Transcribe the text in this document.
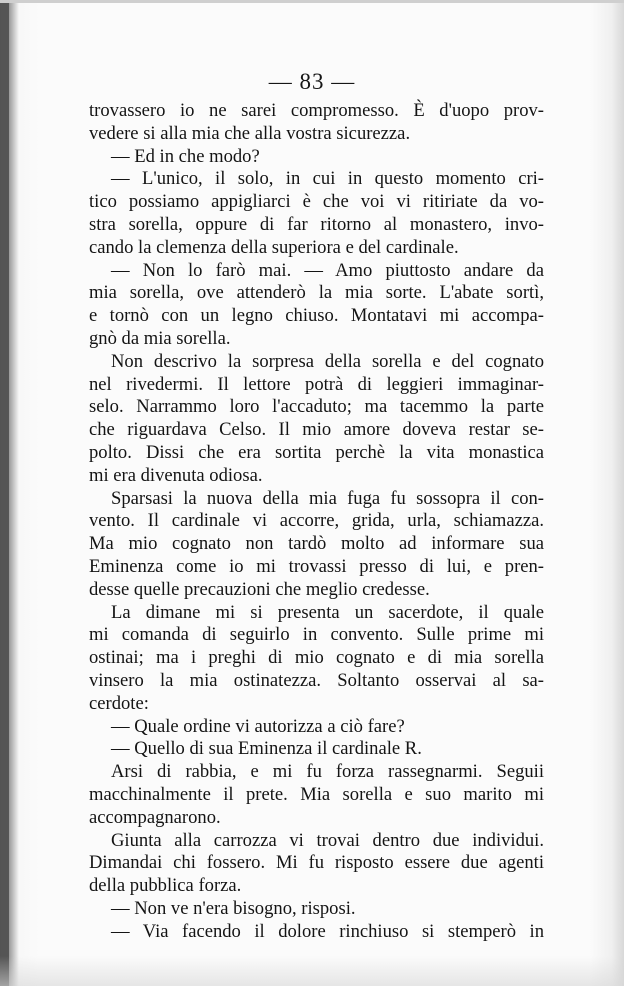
— 83 —
trovassero io ne sarei compromesso. È d'uopo prov-
vedere si alla mia che alla vostra sicurezza.
— Ed in che modo?
— L'unico, il solo, in cui in questo momento cri-
tico possiamo appigliarci è che voi vi ritiriate da vo-
stra sorella, oppure di far ritorno al monastero, invo-
cando la clemenza della superiora e del cardinale.
— Non lo farò mai. — Amo piuttosto andare da
mia sorella, ove attenderò la mia sorte. L'abate sortì,
e tornò con un legno chiuso. Montatavi mi accompa-
gnò da mia sorella.
Non descrivo la sorpresa della sorella e del cognato
nel rivedermi. Il lettore potrà di leggieri immaginar-
selo. Narrammo loro l'accaduto; ma tacemmo la parte
che riguardava Celso. Il mio amore doveva restar se-
polto. Dissi che era sortita perchè la vita monastica
mi era divenuta odiosa.
Sparsasi la nuova della mia fuga fu sossopra il con-
vento. Il cardinale vi accorre, grida, urla, schiamazza.
Ma mio cognato non tardò molto ad informare sua
Eminenza come io mi trovassi presso di lui, e pren-
desse quelle precauzioni che meglio credesse.
La dimane mi si presenta un sacerdote, il quale
mi comanda di seguirlo in convento. Sulle prime mi
ostinai; ma i preghi di mio cognato e di mia sorella
vinsero la mia ostinatezza. Soltanto osservai al sa-
cerdote:
— Quale ordine vi autorizza a ciò fare?
— Quello di sua Eminenza il cardinale R.
Arsi di rabbia, e mi fu forza rassegnarmi. Seguii
macchinalmente il prete. Mia sorella e suo marito mi
accompagnarono.
Giunta alla carrozza vi trovai dentro due individui.
Dimandai chi fossero. Mi fu risposto essere due agenti
della pubblica forza.
— Non ve n'era bisogno, risposi.
— Via facendo il dolore rinchiuso si stemperò in
